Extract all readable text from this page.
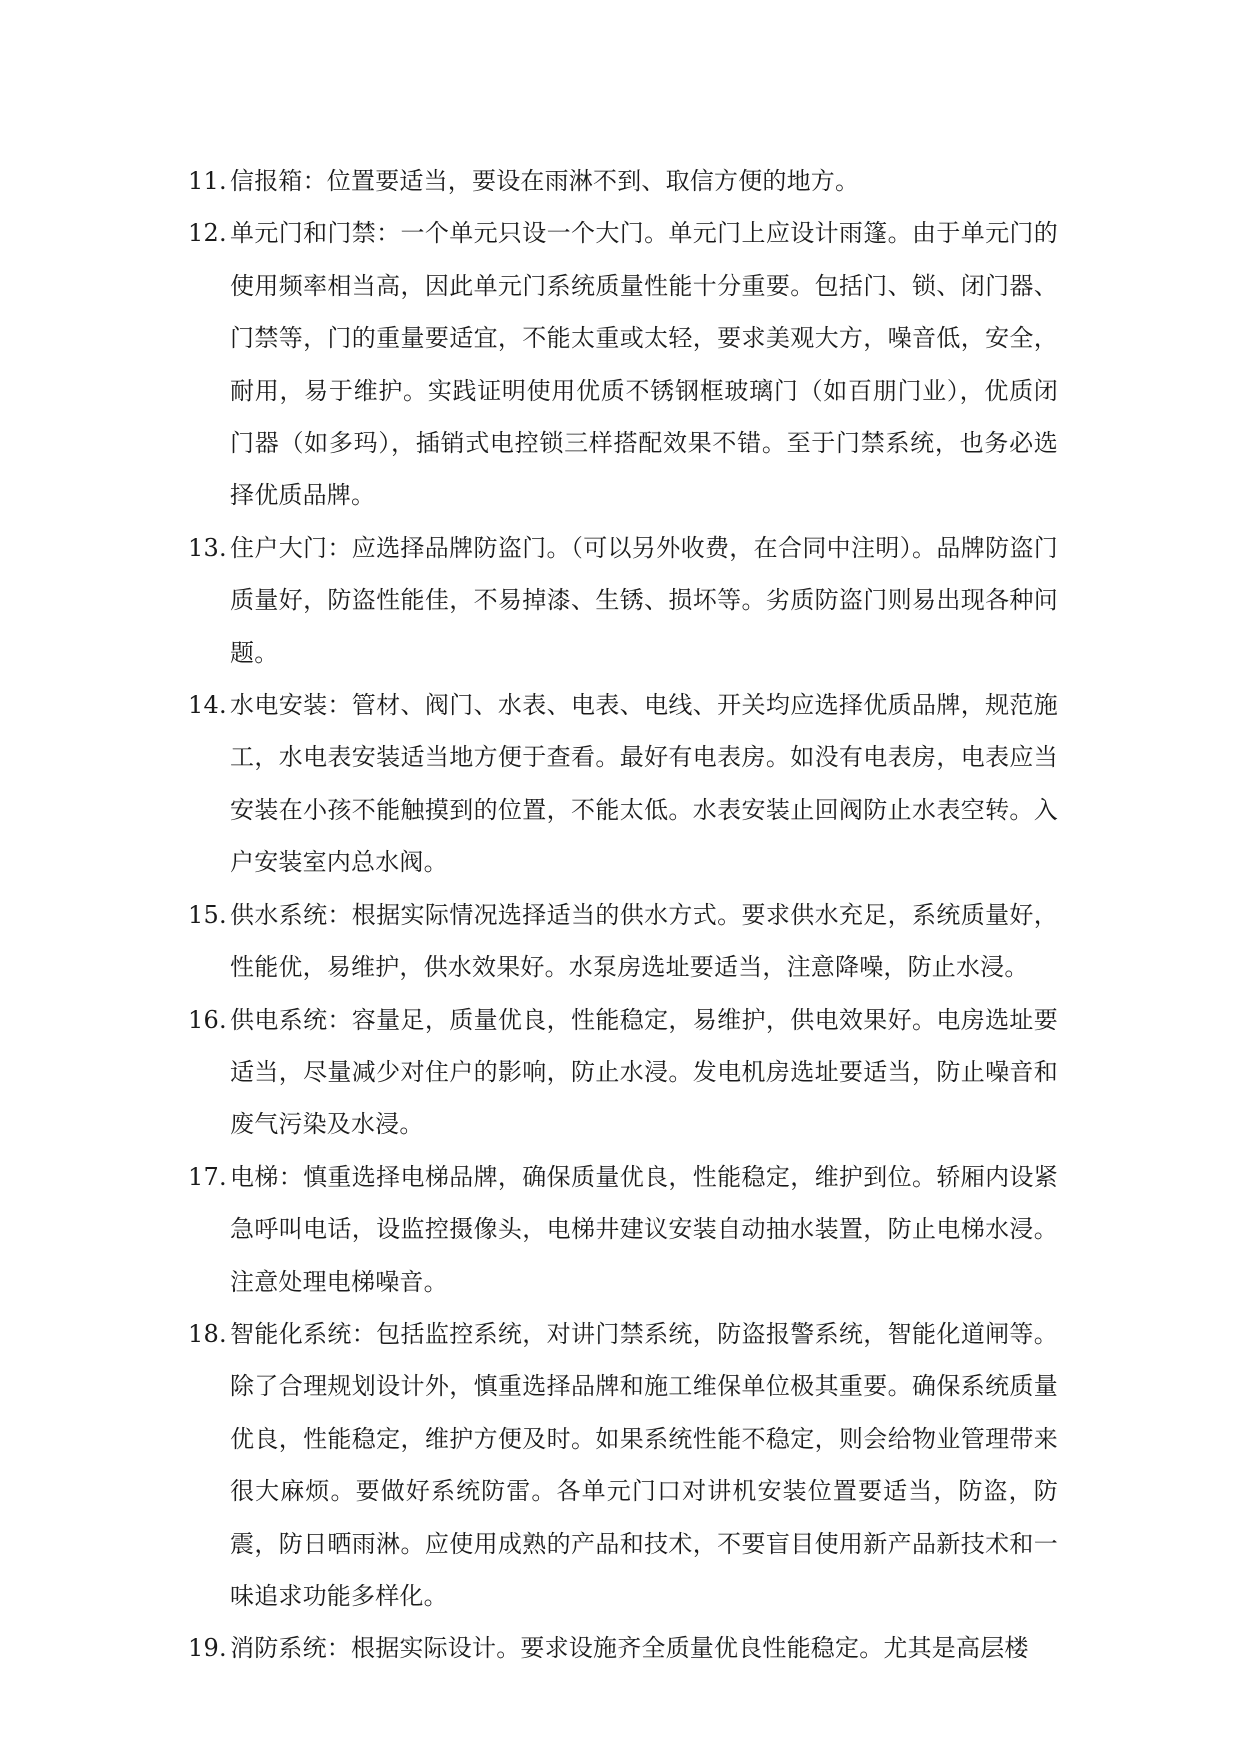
11. 信报箱：位置要适当，要设在雨淋不到、取信方便的地方。
12. 单元门和门禁：一个单元只设一个大门。单元门上应设计雨篷。由于单元门的使用频率相当高，因此单元门系统质量性能十分重要。包括门、锁、闭门器、门禁等，门的重量要适宜，不能太重或太轻，要求美观大方，噪音低，安全，耐用，易于维护。实践证明使用优质不锈钢框玻璃门（如百朋门业），优质闭门器（如多玛），插销式电控锁三样搭配效果不错。至于门禁系统，也务必选择优质品牌。
13. 住户大门：应选择品牌防盗门。（可以另外收费，在合同中注明）。品牌防盗门质量好，防盗性能佳，不易掉漆、生锈、损坏等。劣质防盗门则易出现各种问题。
14. 水电安装：管材、阀门、水表、电表、电线、开关均应选择优质品牌，规范施工，水电表安装适当地方便于查看。最好有电表房。如没有电表房，电表应当安装在小孩不能触摸到的位置，不能太低。水表安装止回阀防止水表空转。入户安装室内总水阀。
15. 供水系统：根据实际情况选择适当的供水方式。要求供水充足，系统质量好，性能优，易维护，供水效果好。水泵房选址要适当，注意降噪，防止水浸。
16. 供电系统：容量足，质量优良，性能稳定，易维护，供电效果好。电房选址要适当，尽量减少对住户的影响，防止水浸。发电机房选址要适当，防止噪音和废气污染及水浸。
17. 电梯：慎重选择电梯品牌，确保质量优良，性能稳定，维护到位。轿厢内设紧急呼叫电话，设监控摄像头，电梯井建议安装自动抽水装置，防止电梯水浸。注意处理电梯噪音。
18. 智能化系统：包括监控系统，对讲门禁系统，防盗报警系统，智能化道闸等。除了合理规划设计外，慎重选择品牌和施工维保单位极其重要。确保系统质量优良，性能稳定，维护方便及时。如果系统性能不稳定，则会给物业管理带来很大麻烦。要做好系统防雷。各单元门口对讲机安装位置要适当，防盗，防震，防日晒雨淋。应使用成熟的产品和技术，不要盲目使用新产品新技术和一味追求功能多样化。
19. 消防系统：根据实际设计。要求设施齐全质量优良性能稳定。尤其是高层楼
